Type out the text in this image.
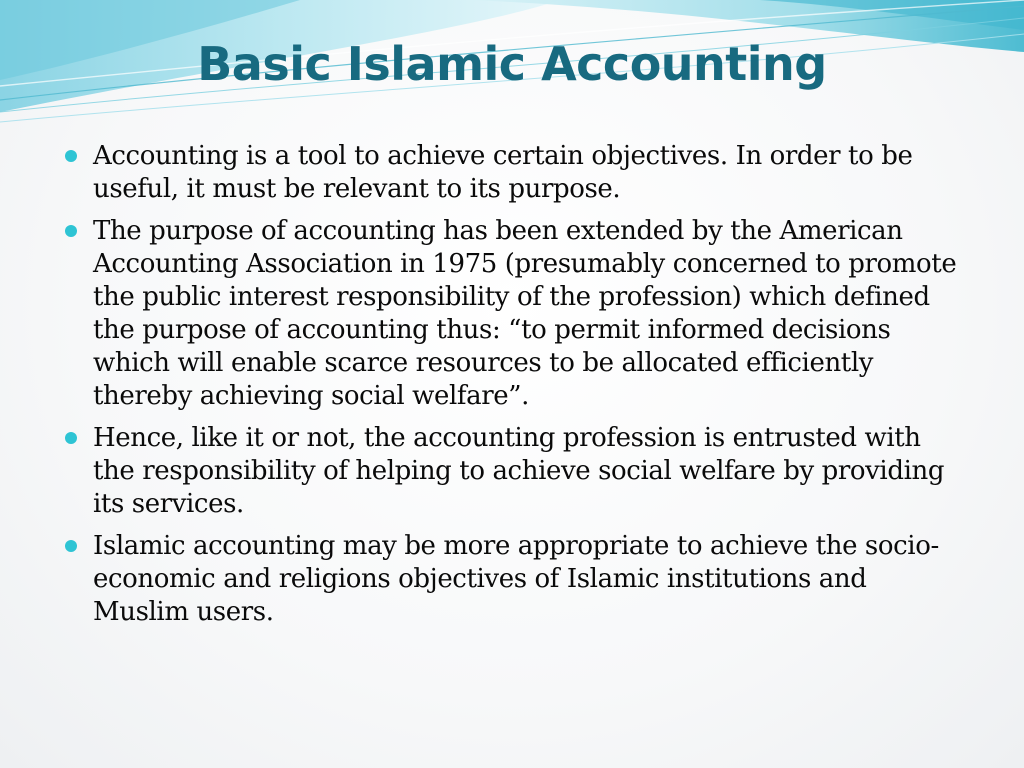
Basic Islamic Accounting
Accounting is a tool to achieve certain objectives. In order to be useful, it must be relevant to its purpose.
The purpose of accounting has been extended by the American Accounting Association in 1975 (presumably concerned to promote the public interest responsibility of the profession) which defined the purpose of accounting thus: “to permit informed decisions which will enable scarce resources to be allocated efficiently thereby achieving social welfare”.
Hence, like it or not, the accounting profession is entrusted with the responsibility of helping to achieve social welfare by providing its services.
Islamic accounting may be more appropriate to achieve the socio-economic and religions objectives of Islamic institutions and Muslim users.
